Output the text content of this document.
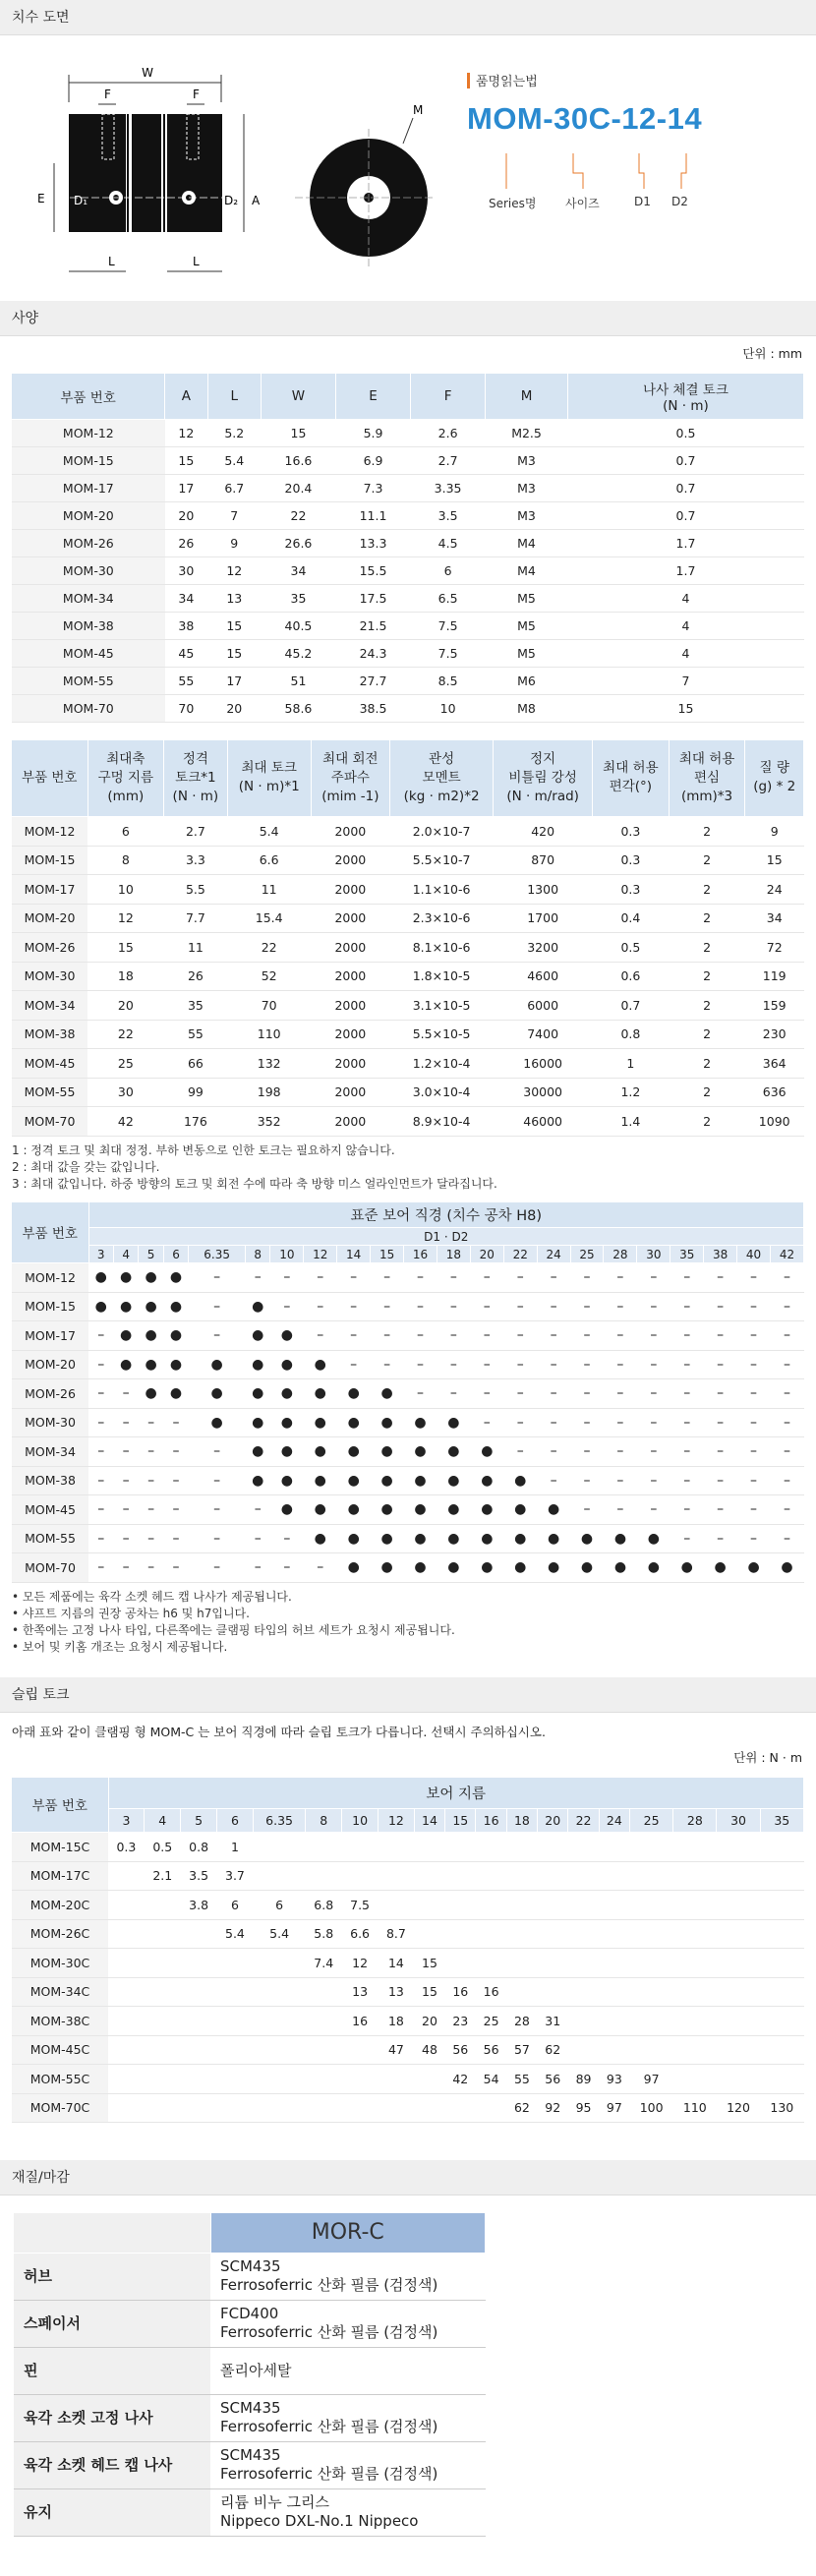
치수 도면
W
F	F
E D₁	D₂ A
L	L
M
품명읽는법
MOM-30C-12-14
Series명 사이즈	D1 D2
사양
단위 : mm
부품 번호	A	L	W	E	F	M	나사 체결 토크
(N · m)
MOM-12	12	5.2	15	5.9	2.6	M2.5	0.5
MOM-15	15	5.4	16.6	6.9	2.7	M3	0.7
MOM-17	17	6.7	20.4	7.3	3.35	M3	0.7
MOM-20	20	7	22	11.1	3.5	M3	0.7
MOM-26	26	9	26.6	13.3	4.5	M4	1.7
MOM-30	30	12	34	15.5	6	M4	1.7
MOM-34	34	13	35	17.5	6.5	M5	4
MOM-38	38	15	40.5	21.5	7.5	M5	4
MOM-45	45	15	45.2	24.3	7.5	M5	4
MOM-55	55	17	51	27.7	8.5	M6	7
MOM-70	70	20	58.6	38.5	10	M8	15
부품 번호	최대축
구멍 지름
(mm)	정격
토크*1
(N · m)	최대 토크
(N · m)*1	최대 회전
주파수
(mim -1)	관성
모멘트
(kg · m2)*2	정지
비틀림 강성
(N · m/rad)	최대 허용
편각(°)	최대 허용
편심
(mm)*3	질 량
(g) * 2
MOM-12	6	2.7	5.4	2000	2.0×10-7	420	0.3	2	9
MOM-15	8	3.3	6.6	2000	5.5×10-7	870	0.3	2	15
MOM-17	10	5.5	11	2000	1.1×10-6	1300	0.3	2	24
MOM-20	12	7.7	15.4	2000	2.3×10-6	1700	0.4	2	34
MOM-26	15	11	22	2000	8.1×10-6	3200	0.5	2	72
MOM-30	18	26	52	2000	1.8×10-5	4600	0.6	2	119
MOM-34	20	35	70	2000	3.1×10-5	6000	0.7	2	159
MOM-38	22	55	110	2000	5.5×10-5	7400	0.8	2	230
MOM-45	25	66	132	2000	1.2×10-4	16000	1	2	364
MOM-55	30	99	198	2000	3.0×10-4	30000	1.2	2	636
MOM-70	42	176	352	2000	8.9×10-4	46000	1.4	2	1090
1 : 정격 토크 및 최대 정정. 부하 변동으로 인한 토크는 필요하지 않습니다.
2 : 최대 값을 갖는 값입니다.
3 : 최대 값입니다. 하중 방향의 토크 및 회전 수에 따라 축 방향 미스 얼라인먼트가 달라집니다.
부품 번호	표준 보어 직경 (치수 공차 H8)																					
	D1 · D2																					
	3	4	5	6	6.35	8	10	12	14	15	16	18	20	22	24	25	28	30	35	38	40	42
MOM-12	●	●	●	●	–	–	–	–	–	–	–	–	–	–	–	–	–	–	–	–	–	–
MOM-15	●	●	●	●	–	●	–	–	–	–	–	–	–	–	–	–	–	–	–	–	–	–
MOM-17	–	●	●	●	–	●	●	–	–	–	–	–	–	–	–	–	–	–	–	–	–	–
MOM-20	–	●	●	●	●	●	●	●	–	–	–	–	–	–	–	–	–	–	–	–	–	–
MOM-26	–	–	●	●	●	●	●	●	●	●	–	–	–	–	–	–	–	–	–	–	–	–
MOM-30	–	–	–	–	●	●	●	●	●	●	●	●	–	–	–	–	–	–	–	–	–	–
MOM-34	–	–	–	–	–	●	●	●	●	●	●	●	●	–	–	–	–	–	–	–	–	–
MOM-38	–	–	–	–	–	●	●	●	●	●	●	●	●	●	–	–	–	–	–	–	–	–
MOM-45	–	–	–	–	–	–	●	●	●	●	●	●	●	●	●	–	–	–	–	–	–	–
MOM-55	–	–	–	–	–	–	–	●	●	●	●	●	●	●	●	●	●	●	–	–	–	–
MOM-70	–	–	–	–	–	–	–	–	●	●	●	●	●	●	●	●	●	●	●	●	●	●
• 모든 제품에는 육각 소켓 헤드 캡 나사가 제공됩니다.
• 샤프트 지름의 권장 공차는 h6 및 h7입니다.
• 한쪽에는 고정 나사 타입, 다른쪽에는 클램핑 타입의 허브 세트가 요청시 제공됩니다.
• 보어 및 키홈 개조는 요청시 제공됩니다.
슬립 토크
아래 표와 같이 클램핑 형 MOM-C 는 보어 직경에 따라 슬립 토크가 다릅니다. 선택시 주의하십시오.
단위 : N · m
부품 번호	보어 지름																		
	3	4	5	6	6.35	8	10	12	14	15	16	18	20	22	24	25	28	30	35
MOM-15C	0.3	0.5	0.8	1															
MOM-17C		2.1	3.5	3.7															
MOM-20C			3.8	6	6	6.8	7.5												
MOM-26C				5.4	5.4	5.8	6.6	8.7											
MOM-30C						7.4	12	14	15										
MOM-34C							13	13	15	16	16								
MOM-38C							16	18	20	23	25	28	31						
MOM-45C								47	48	56	56	57	62						
MOM-55C										42	54	55	56	89	93	97			
MOM-70C												62	92	95	97	100	110	120	130
재질/마감
	MOR-C
허브	SCM435
Ferrosoferric 산화 필름 (검정색)
스페이서	FCD400
Ferrosoferric 산화 필름 (검정색)
핀	폴리아세탈
육각 소켓 고정 나사	SCM435
Ferrosoferric 산화 필름 (검정색)
육각 소켓 헤드 캡 나사	SCM435
Ferrosoferric 산화 필름 (검정색)
유지	리튬 비누 그리스
Nippeco DXL-No.1 Nippeco
